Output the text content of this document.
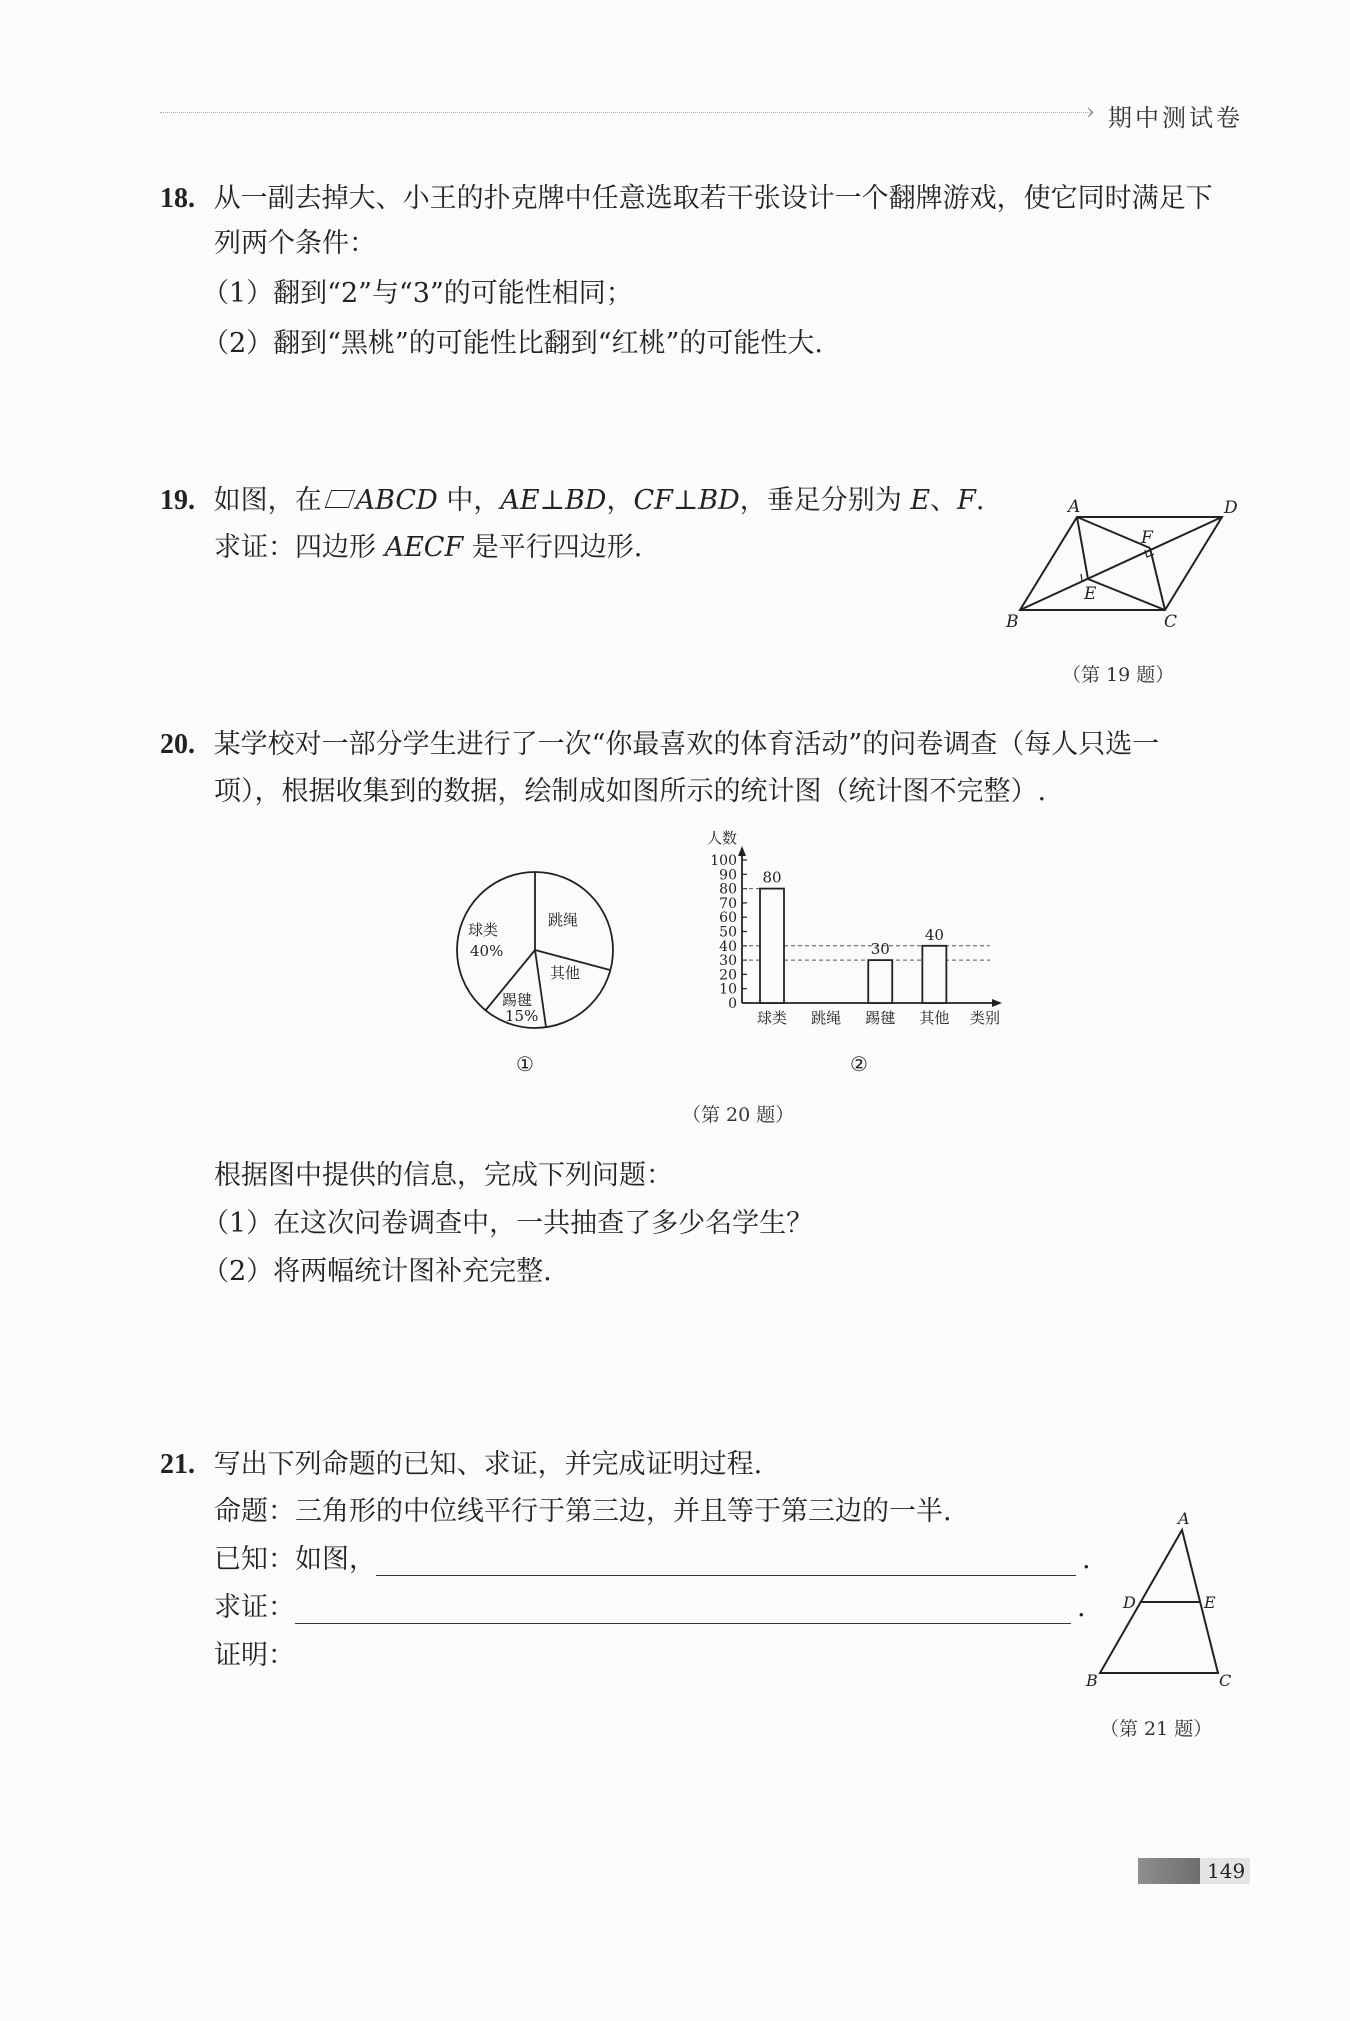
› 期中测试卷
18. 从一副去掉大、小王的扑克牌中任意选取若干张设计一个翻牌游戏，使它同时满足下
列两个条件：
（1）翻到“2”与“3”的可能性相同；
（2）翻到“黑桃”的可能性比翻到“红桃”的可能性大.
19. 如图，在 ABCD 中，AE⊥BD，CF⊥BD，垂足分别为 E、F.
求证：四边形 AECF 是平行四边形.
A	D
B	C
E
F
（第 19 题）
20. 某学校对一部分学生进行了一次“你最喜欢的体育活动”的问卷调查（每人只选一
项），根据收集到的数据，绘制成如图所示的统计图（统计图不完整）.
球类
40%
跳绳
其他
踢毽
15%
人数
0
10
20
30
40
50
60
70
80
90
100
80
球类 跳绳
30
踢毽
40
其他 类别
①	②
（第 20 题）
根据图中提供的信息，完成下列问题：
（1）在这次问卷调查中，一共抽查了多少名学生？
（2）将两幅统计图补充完整.
21. 写出下列命题的已知、求证，并完成证明过程.
命题：三角形的中位线平行于第三边，并且等于第三边的一半.
已知：如图，	.
求证：	.
证明：
A
D	E
B	C
（第 21 题）
149
